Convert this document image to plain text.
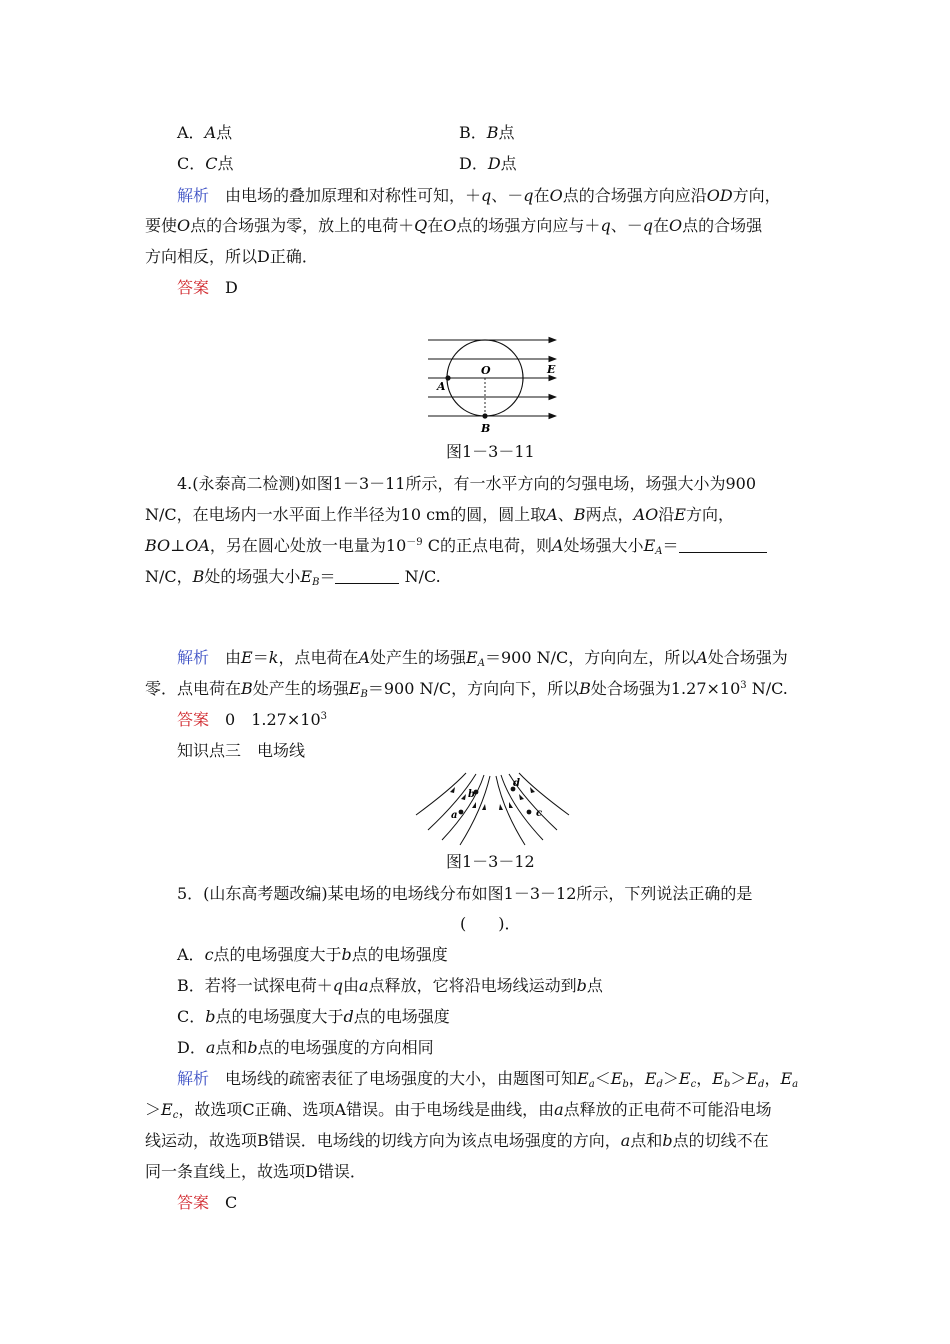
A．A点	B．B点
C．C点	D．D点
解析　由电场的叠加原理和对称性可知，＋q、－q在O点的合场强方向应沿OD方向，
要使O点的合场强为零，放上的电荷＋Q在O点的场强方向应与＋q、－q在O点的合场强
方向相反，所以D正确．
答案　 D
O
A
B
E
图1－3－11
4.(永泰高二检测)如图1－3－11所示，有一水平方向的匀强电场，场强大小为900
N/C，在电场内一水平面上作半径为10 cm的圆，圆上取A、B两点，AO沿E方向，
BO⊥OA，另在圆心处放一电量为$10^{-9}$ C的正点电荷，则A处场强大小$E_A=$
N/C，B处的场强大小$E_B=$	N/C.
解析　由E＝k，点电荷在A处产生的场强$E_A=900$ N/C，方向向左，所以A处合场强为
零．点电荷在B处产生的场强$E_B=900$ N/C，方向向下，所以B处合场强为$1.27\times 10^3$ N/C.
答案　 0　 $1.27\times 10^3$
知识点三　电场线
a
b
c
d
图1－3－12
5．(山东高考题改编)某电场的电场线分布如图1－3－12所示，下列说法正确的是
(　　)．
A．c点的电场强度大于b点的电场强度
B．若将一试探电荷＋q由a点释放，它将沿电场线运动到b点
C．b点的电场强度大于d点的电场强度
D．a点和b点的电场强度的方向相同
解析　电场线的疏密表征了电场强度的大小，由题图可知$E_a<E_b$，$E_d>E_c$，$E_b>E_d$，$E_a$
$>E_c$，故选项C正确、选项A错误。由于电场线是曲线，由a点释放的正电荷不可能沿电场
线运动，故选项B错误．电场线的切线方向为该点电场强度的方向，a点和b点的切线不在
同一条直线上，故选项D错误．
答案　 C
